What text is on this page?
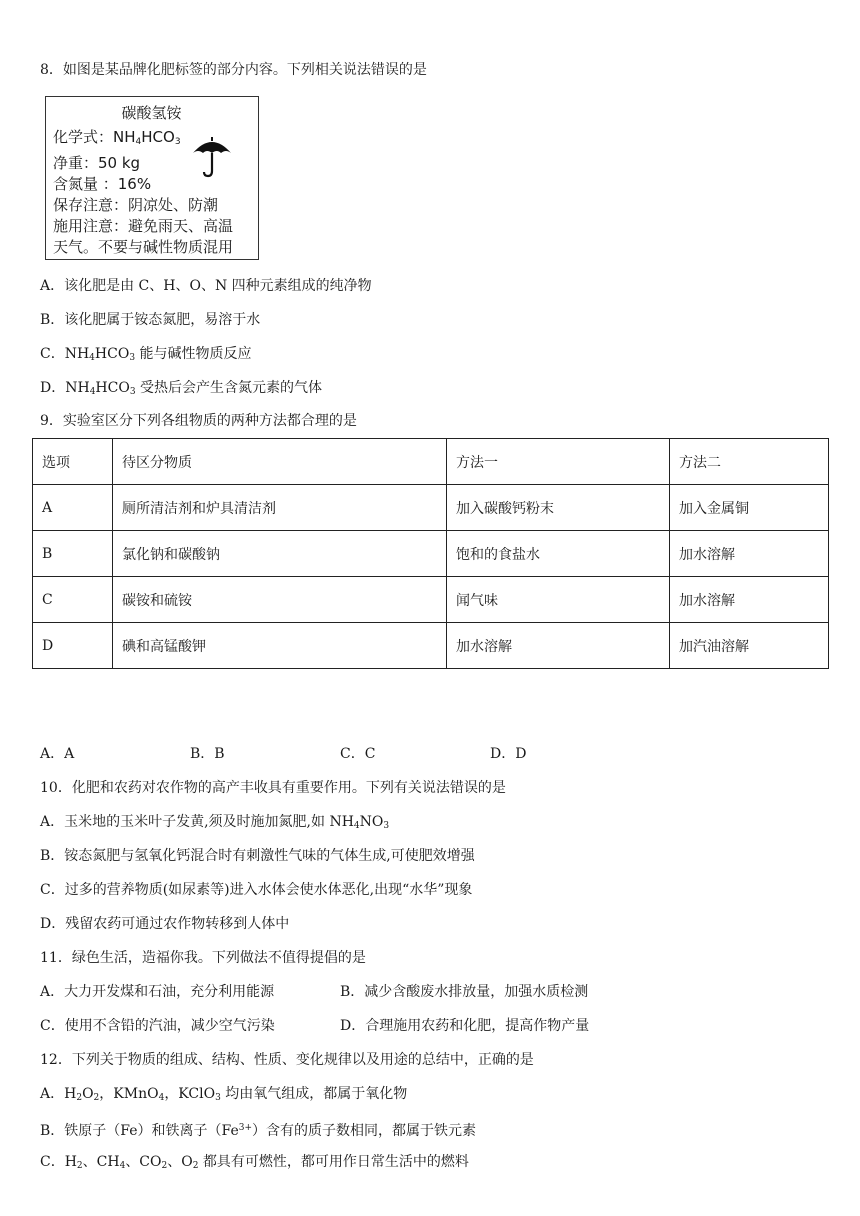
8．如图是某品牌化肥标签的部分内容。下列相关说法错误的是
碳酸氢铵
化学式：$NH_4HCO_3$
净重：50 kg
含氮量 ：16%
保存注意：阴凉处、防潮
施用注意：避免雨天、高温
天气。不要与碱性物质混用
A．该化肥是由 C、H、O、N 四种元素组成的纯净物
B．该化肥属于铵态氮肥，易溶于水
C．$NH_4HCO_3$ 能与碱性物质反应
D．$NH_4HCO_3$ 受热后会产生含氮元素的气体
9．实验室区分下列各组物质的两种方法都合理的是
选项	待区分物质	方法一	方法二
A	厕所清洁剂和炉具清洁剂	加入碳酸钙粉末	加入金属铜
B	氯化钠和碳酸钠	饱和的食盐水	加水溶解
C	碳铵和硫铵	闻气味	加水溶解
D	碘和高锰酸钾	加水溶解	加汽油溶解
A．A	B．B	C．C	D．D
10．化肥和农药对农作物的高产丰收具有重要作用。下列有关说法错误的是
A．玉米地的玉米叶子发黄,须及时施加氮肥,如 $NH_4NO_3$
B．铵态氮肥与氢氧化钙混合时有刺激性气味的气体生成,可使肥效增强
C．过多的营养物质(如尿素等)进入水体会使水体恶化,出现“水华”现象
D．残留农药可通过农作物转移到人体中
11．绿色生活，造福你我。下列做法不值得提倡的是
A．大力开发煤和石油，充分利用能源	B．减少含酸废水排放量，加强水质检测
C．使用不含铅的汽油，减少空气污染	D．合理施用农药和化肥，提高作物产量
12．下列关于物质的组成、结构、性质、变化规律以及用途的总结中，正确的是
A．$H_2O_2$，KMnO$_4$，KClO$_3$ 均由氧气组成，都属于氧化物
B．铁原子（Fe）和铁离子$(Fe^{3+})$含有的质子数相同，都属于铁元素
C．$H_2$、$CH_4$、$CO_2$、$O_2$ 都具有可燃性，都可用作日常生活中的燃料
